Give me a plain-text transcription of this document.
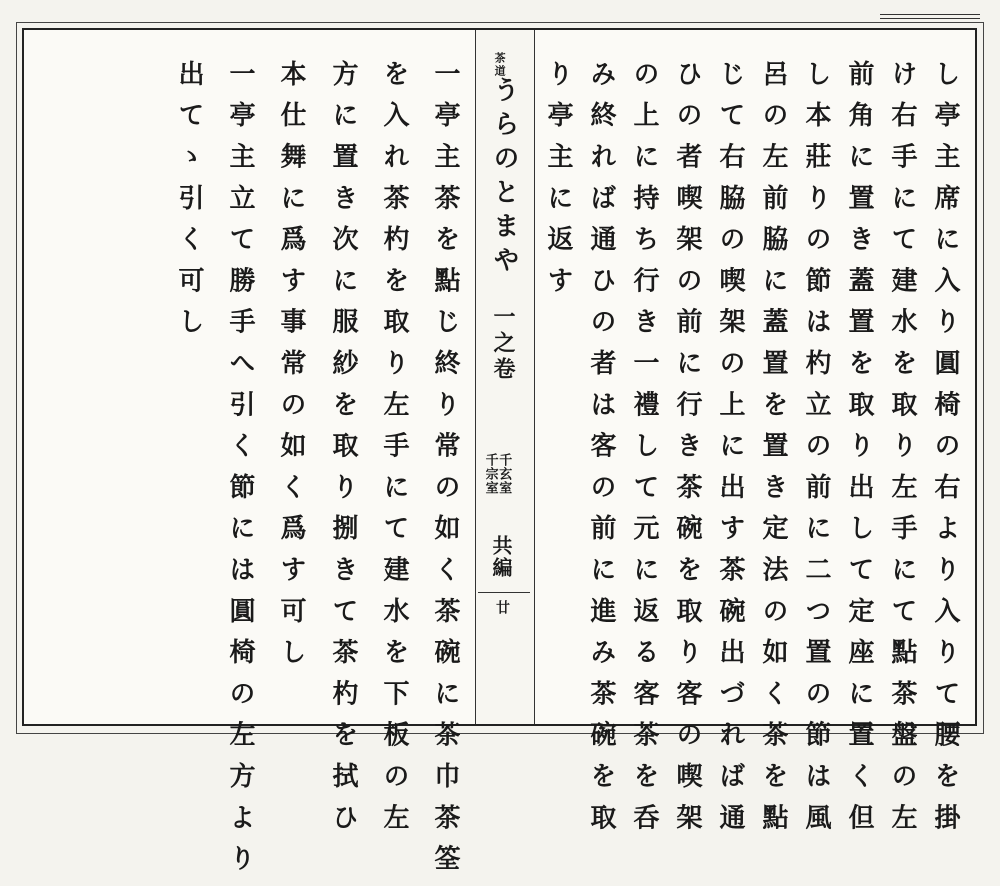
し亭主席に入り圓椅の右より入りて腰を掛
け右手にて建水を取り左手にて點茶盤の左
前角に置き蓋置を取り出して定座に置く但
し本莊りの節は杓立の前に二つ置の節は風
呂の左前脇に蓋置を置き定法の如く茶を點
じて右脇の喫架の上に出す茶碗出づれば通
ひの者喫架の前に行き茶碗を取り客の喫架
の上に持ち行き一禮して元に返る客茶を呑
み終れば通ひの者は客の前に進み茶碗を取
茶道
うらのとまや
一之卷
千玄室
千宗室
共編
廿
一亭主茶を點じ終り常の如く茶碗に茶巾茶筌
を入れ茶杓を取り左手にて建水を下板の左
方に置き次に服紗を取り捌きて茶杓を拭ひ
本仕舞に爲す事常の如く爲す可し
一亭主立て勝手へ引く節には圓椅の左方より
出てゝ引く可し	り亭主に返す
